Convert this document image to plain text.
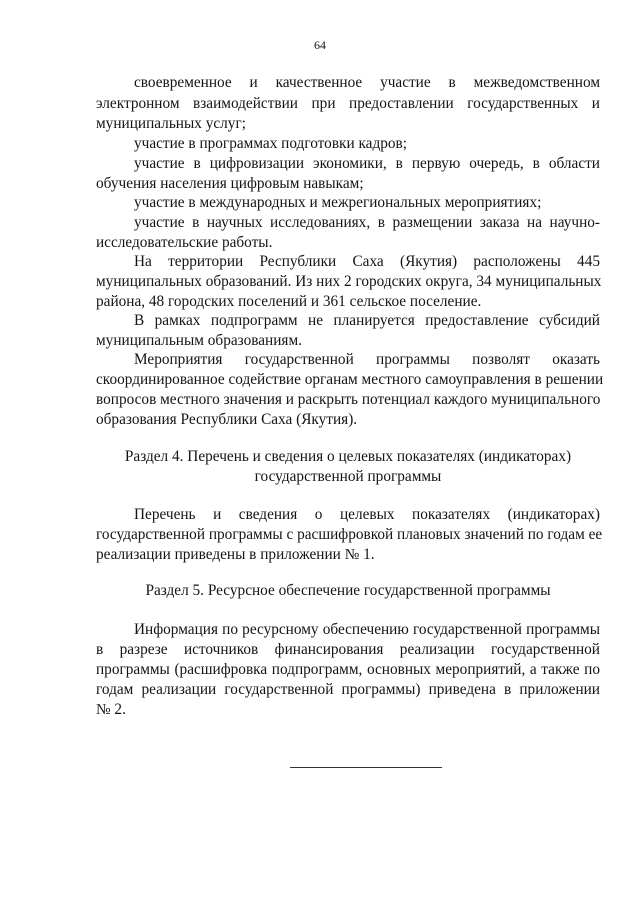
64
своевременное и качественное участие в межведомственном
электронном взаимодействии при предоставлении государственных и
муниципальных услуг;
участие в программах подготовки кадров;
участие в цифровизации экономики, в первую очередь, в области
обучения населения цифровым навыкам;
участие в международных и межрегиональных мероприятиях;
участие в научных исследованиях, в размещении заказа на научно-
исследовательские работы.
На территории Республики Саха (Якутия) расположены 445
муниципальных образований. Из них 2 городских округа, 34 муниципальных
района, 48 городских поселений и 361 сельское поселение.
В рамках подпрограмм не планируется предоставление субсидий
муниципальным образованиям.
Мероприятия государственной программы позволят оказать
скоординированное содействие органам местного самоуправления в решении
вопросов местного значения и раскрыть потенциал каждого муниципального
образования Республики Саха (Якутия).
Раздел 4. Перечень и сведения о целевых показателях (индикаторах)
государственной программы
Перечень и сведения о целевых показателях (индикаторах)
государственной программы с расшифровкой плановых значений по годам ее
реализации приведены в приложении № 1.
Раздел 5. Ресурсное обеспечение государственной программы
Информация по ресурсному обеспечению государственной программы
в разрезе источников финансирования реализации государственной
программы (расшифровка подпрограмм, основных мероприятий, а также по
годам реализации государственной программы) приведена в приложении
№ 2.
